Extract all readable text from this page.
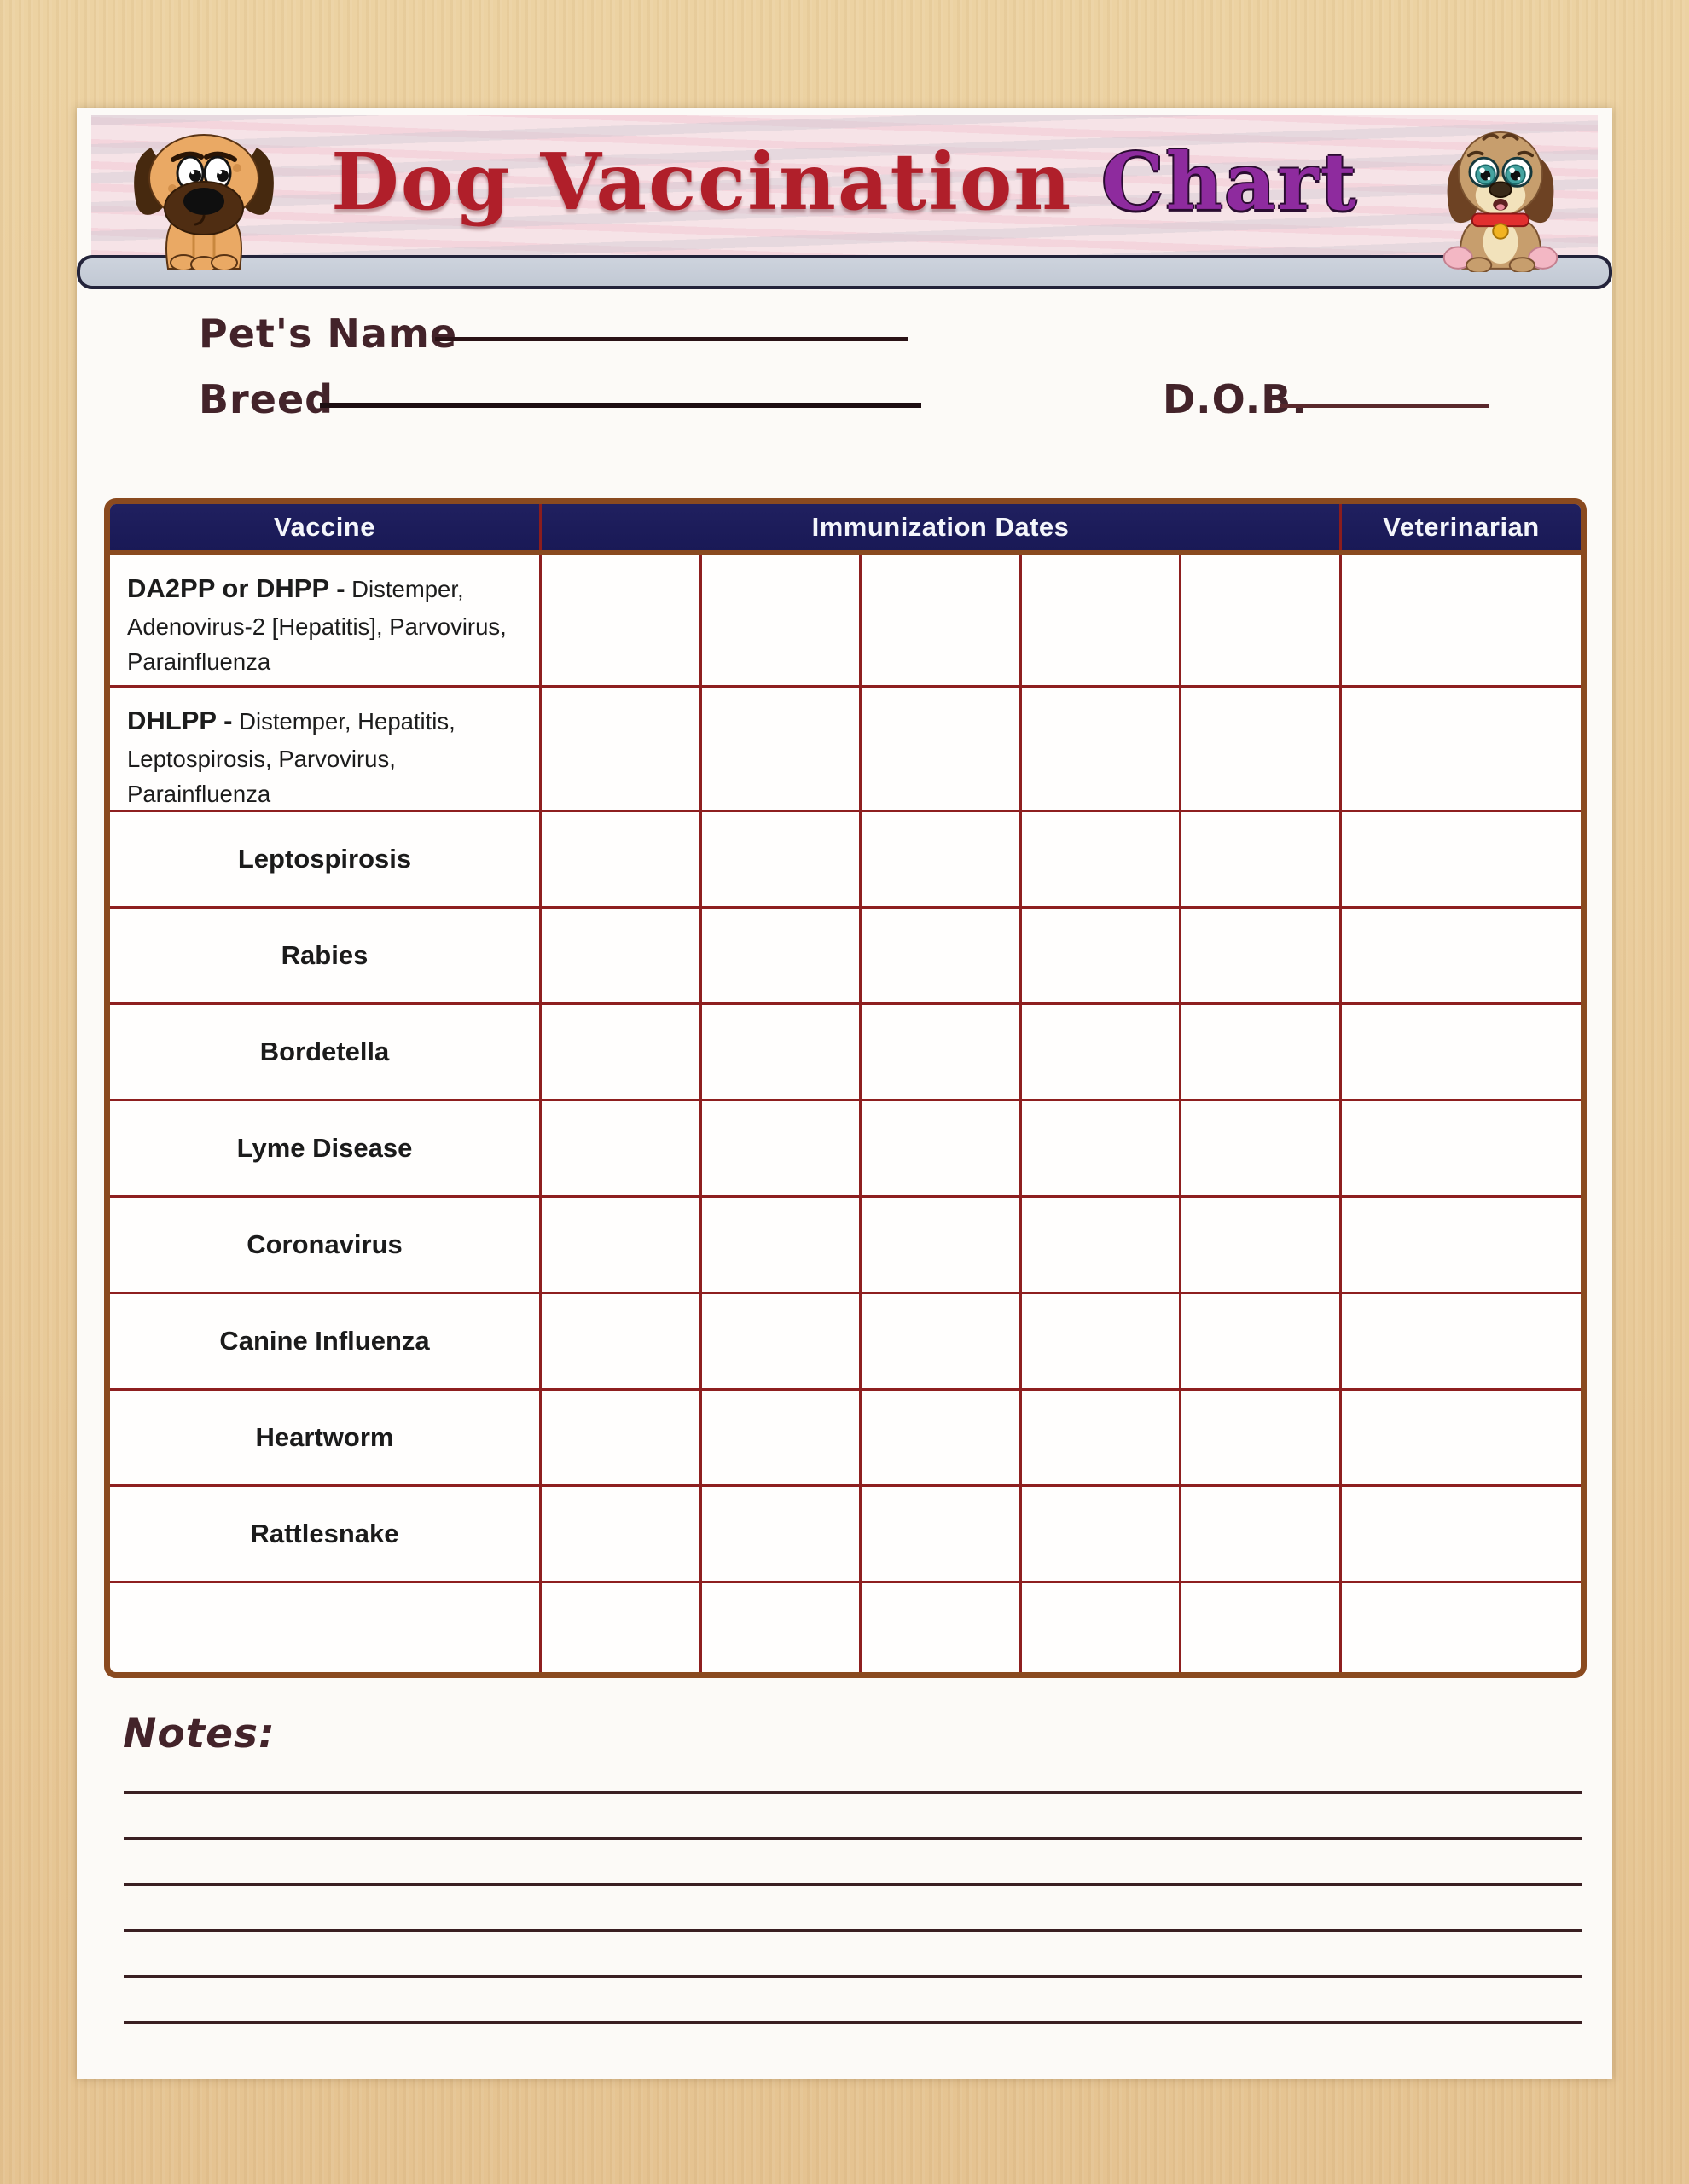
Dog Vaccination Chart
Pet's Name
Breed	D.O.B.
Vaccine	Immunization Dates	Veterinarian
DA2PP or DHPP - Distemper, Adenovirus-2 [Hepatitis], Parvovirus, Parainfluenza
DHLPP - Distemper, Hepatitis, Leptospirosis, Parvovirus, Parainfluenza
Leptospirosis
Rabies
Bordetella
Lyme Disease
Coronavirus
Canine Influenza
Heartworm
Rattlesnake
Notes:
